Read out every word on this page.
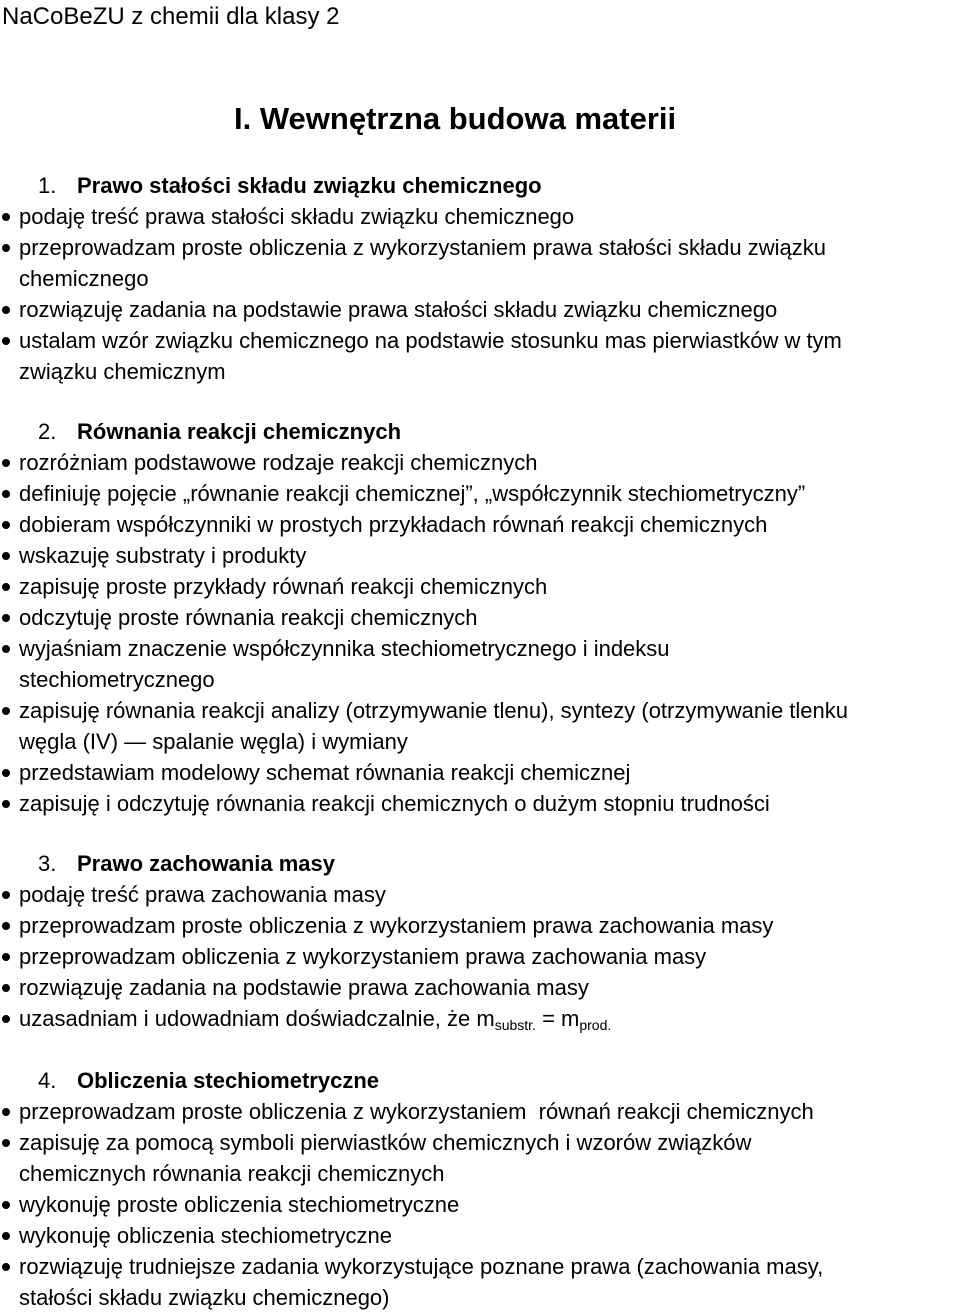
NaCoBeZU z chemii dla klasy 2
I. Wewnętrzna budowa materii
1. Prawo stałości składu związku chemicznego
podaję treść prawa stałości składu związku chemicznego
przeprowadzam proste obliczenia z wykorzystaniem prawa stałości składu związku
chemicznego
rozwiązuję zadania na podstawie prawa stałości składu związku chemicznego
ustalam wzór związku chemicznego na podstawie stosunku mas pierwiastków w tym
związku chemicznym
2. Równania reakcji chemicznych
rozróżniam podstawowe rodzaje reakcji chemicznych
definiuję pojęcie „równanie reakcji chemicznej”, „współczynnik stechiometryczny”
dobieram współczynniki w prostych przykładach równań reakcji chemicznych
wskazuję substraty i produkty
zapisuję proste przykłady równań reakcji chemicznych
odczytuję proste równania reakcji chemicznych
wyjaśniam znaczenie współczynnika stechiometrycznego i indeksu
stechiometrycznego
zapisuję równania reakcji analizy (otrzymywanie tlenu), syntezy (otrzymywanie tlenku
węgla (IV) — spalanie węgla) i wymiany
przedstawiam modelowy schemat równania reakcji chemicznej
zapisuję i odczytuję równania reakcji chemicznych o dużym stopniu trudności
3. Prawo zachowania masy
podaję treść prawa zachowania masy
przeprowadzam proste obliczenia z wykorzystaniem prawa zachowania masy
przeprowadzam obliczenia z wykorzystaniem prawa zachowania masy
rozwiązuję zadania na podstawie prawa zachowania masy
uzasadniam i udowadniam doświadczalnie, że $m_{substr.} = m_{prod.}$
4. Obliczenia stechiometryczne
przeprowadzam proste obliczenia z wykorzystaniem  równań reakcji chemicznych
zapisuję za pomocą symboli pierwiastków chemicznych i wzorów związków
chemicznych równania reakcji chemicznych
wykonuję proste obliczenia stechiometryczne
wykonuję obliczenia stechiometryczne
rozwiązuję trudniejsze zadania wykorzystujące poznane prawa (zachowania masy,
stałości składu związku chemicznego)
